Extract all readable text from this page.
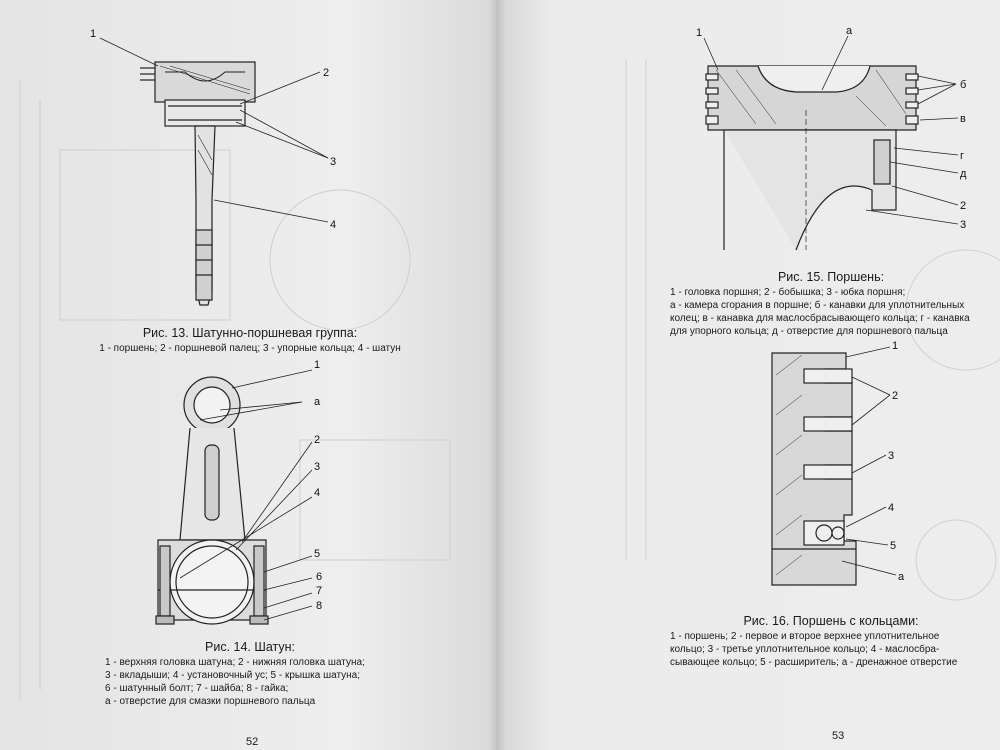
1
2
3
4
Рис. 13. Шатунно-поршневая группа:
1 - поршень; 2 - поршневой палец; 3 - упорные кольца; 4 - шатун
1
а
2
3
4
5
6
7
8
Рис. 14. Шатун:
1 - верхняя головка шатуна; 2 - нижняя головка шатуна;
3 - вкладыши; 4 - установочный ус; 5 - крышка шатуна;
6 - шатунный болт; 7 - шайба; 8 - гайка;
а - отверстие для смазки поршневого пальца
52
1	а
б
в
г
д
2
3
Рис. 15. Поршень:
1 - головка поршня; 2 - бобышка; 3 - юбка поршня;
а - камера сгорания в поршне; б - канавки для уплотнительных
колец; в - канавка для маслосбрасывающего кольца; г - канавка
для упорного кольца; д - отверстие для поршневого пальца
1
2
3
4
5
а
Рис. 16. Поршень с кольцами:
1 - поршень; 2 - первое и второе верхнее уплотнительное
кольцо; 3 - третье уплотнительное кольцо; 4 - маслосбра-
сывающее кольцо; 5 - расширитель; а - дренажное отверстие
53
